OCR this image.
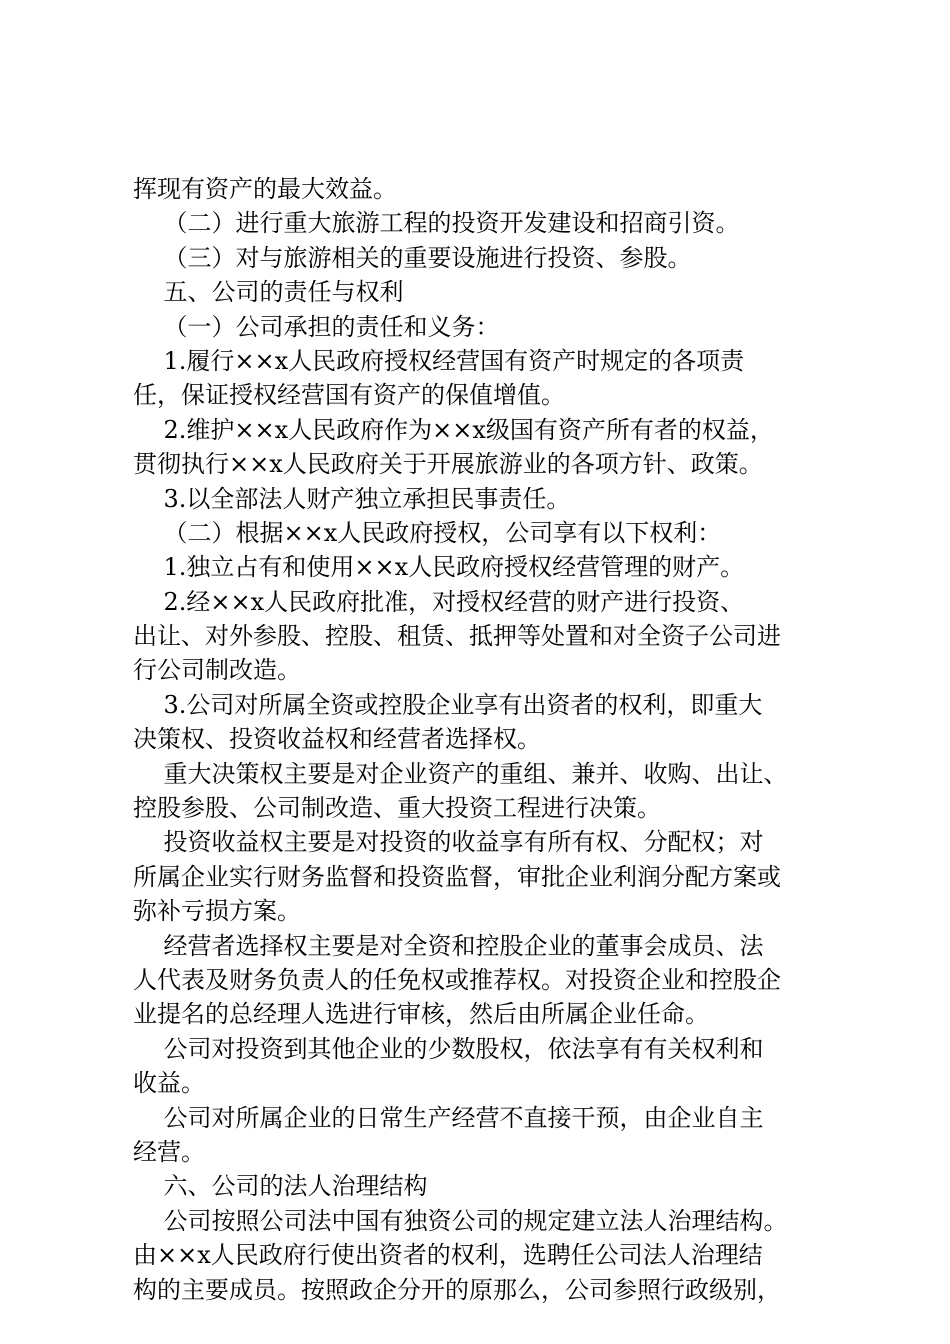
挥现有资产的最大效益。
（二）进行重大旅游工程的投资开发建设和招商引资。
（三）对与旅游相关的重要设施进行投资、参股。
五、公司的责任与权利
（一）公司承担的责任和义务：
1.履行××x人民政府授权经营国有资产时规定的各项责
任，保证授权经营国有资产的保值增值。
2.维护××x人民政府作为××x级国有资产所有者的权益，
贯彻执行××x人民政府关于开展旅游业的各项方针、政策。
3.以全部法人财产独立承担民事责任。
（二）根据××x人民政府授权，公司享有以下权利：
1.独立占有和使用××x人民政府授权经营管理的财产。
2.经××x人民政府批准，对授权经营的财产进行投资、
出让、对外参股、控股、租赁、抵押等处置和对全资子公司进
行公司制改造。
3.公司对所属全资或控股企业享有出资者的权利，即重大
决策权、投资收益权和经营者选择权。
重大决策权主要是对企业资产的重组、兼并、收购、出让、
控股参股、公司制改造、重大投资工程进行决策。
投资收益权主要是对投资的收益享有所有权、分配权；对
所属企业实行财务监督和投资监督，审批企业利润分配方案或
弥补亏损方案。
经营者选择权主要是对全资和控股企业的董事会成员、法
人代表及财务负责人的任免权或推荐权。对投资企业和控股企
业提名的总经理人选进行审核，然后由所属企业任命。
公司对投资到其他企业的少数股权，依法享有有关权利和
收益。
公司对所属企业的日常生产经营不直接干预，由企业自主
经营。
六、公司的法人治理结构
公司按照公司法中国有独资公司的规定建立法人治理结构。
由××x人民政府行使出资者的权利，选聘任公司法人治理结
构的主要成员。按照政企分开的原那么，公司参照行政级别，
